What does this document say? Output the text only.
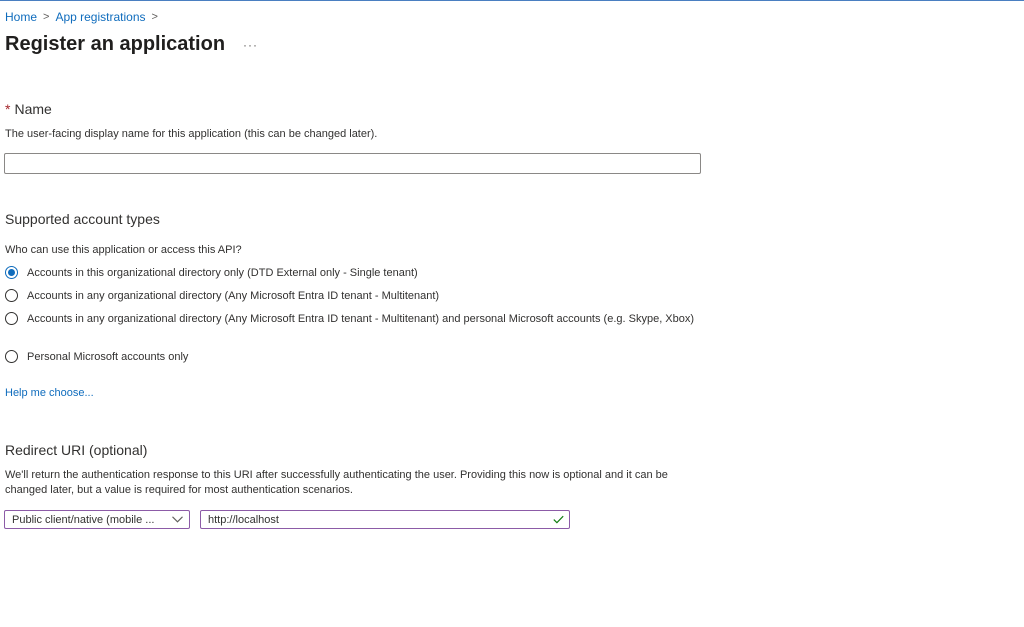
Home > App registrations >
Register an application ···
* Name
The user-facing display name for this application (this can be changed later).
Supported account types
Who can use this application or access this API?
Accounts in this organizational directory only (DTD External only - Single tenant)
Accounts in any organizational directory (Any Microsoft Entra ID tenant - Multitenant)
Accounts in any organizational directory (Any Microsoft Entra ID tenant - Multitenant) and personal Microsoft accounts (e.g. Skype, Xbox)
Personal Microsoft accounts only
Help me choose...
Redirect URI (optional)
We'll return the authentication response to this URI after successfully authenticating the user. Providing this now is optional and it can be changed later, but a value is required for most authentication scenarios.
Public client/native (mobile ...
http://localhost
